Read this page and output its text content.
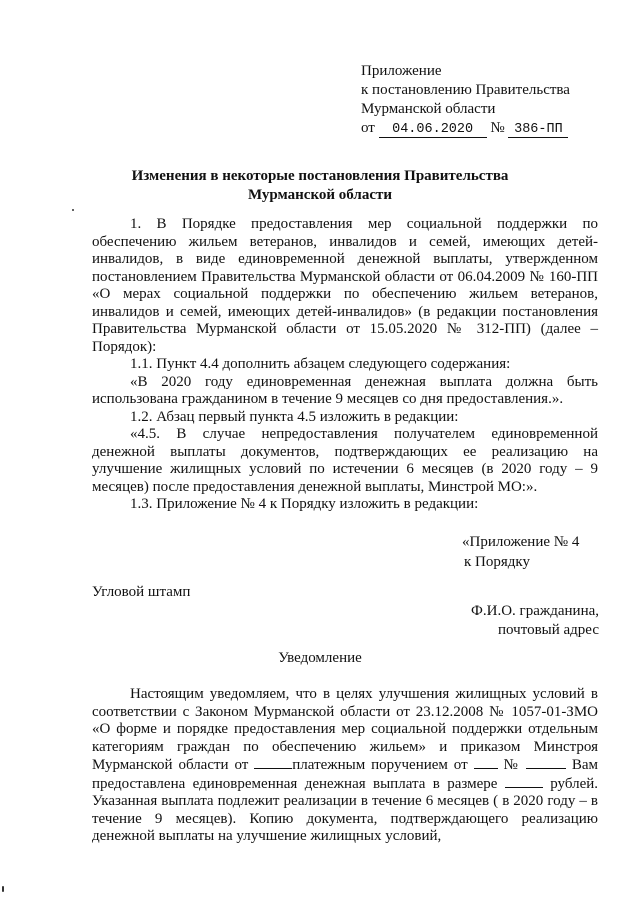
Приложение
к постановлению Правительства
Мурманской области
от 04.06.2020 № 386-ПП
Изменения в некоторые постановления Правительства
Мурманской области

1. В Порядке предоставления мер социальной поддержки по обеспечению жильем ветеранов, инвалидов и семей, имеющих детей-инвалидов, в виде единовременной денежной выплаты, утвержденном постановлением Правительства Мурманской области от 06.04.2009 № 160-ПП «О мерах социальной поддержки по обеспечению жильем ветеранов, инвалидов и семей, имеющих детей-инвалидов» (в редакции постановления Правительства Мурманской области от 15.05.2020 № 312-ПП) (далее – Порядок):

1.1. Пункт 4.4 дополнить абзацем следующего содержания:

«В 2020 году единовременная денежная выплата должна быть использована гражданином в течение 9 месяцев со дня предоставления.».

1.2. Абзац первый пункта 4.5 изложить в редакции:

«4.5. В случае непредоставления получателем единовременной денежной выплаты документов, подтверждающих ее реализацию на улучшение жилищных условий по истечении 6 месяцев (в 2020 году – 9 месяцев) после предоставления денежной выплаты, Минстрой МО:».

1.3. Приложение № 4 к Порядку изложить в редакции:

«Приложение № 4
к Порядку
Угловой штамп
Ф.И.О. гражданина,
почтовый адрес
Уведомление

Настоящим уведомляем, что в целях улучшения жилищных условий в соответствии с Законом Мурманской области от 23.12.2008 № 1057-01-ЗМО «О форме и порядке предоставления мер социальной поддержки отдельным категориям граждан по обеспечению жильем» и приказом Минстроя Мурманской области от	платежным поручением от №	Вам предоставлена единовременная денежная выплата в размере	рублей. Указанная выплата подлежит реализации в течение 6 месяцев ( в 2020 году – в течение 9 месяцев). Копию документа, подтверждающего реализацию денежной выплаты на улучшение жилищных условий,
